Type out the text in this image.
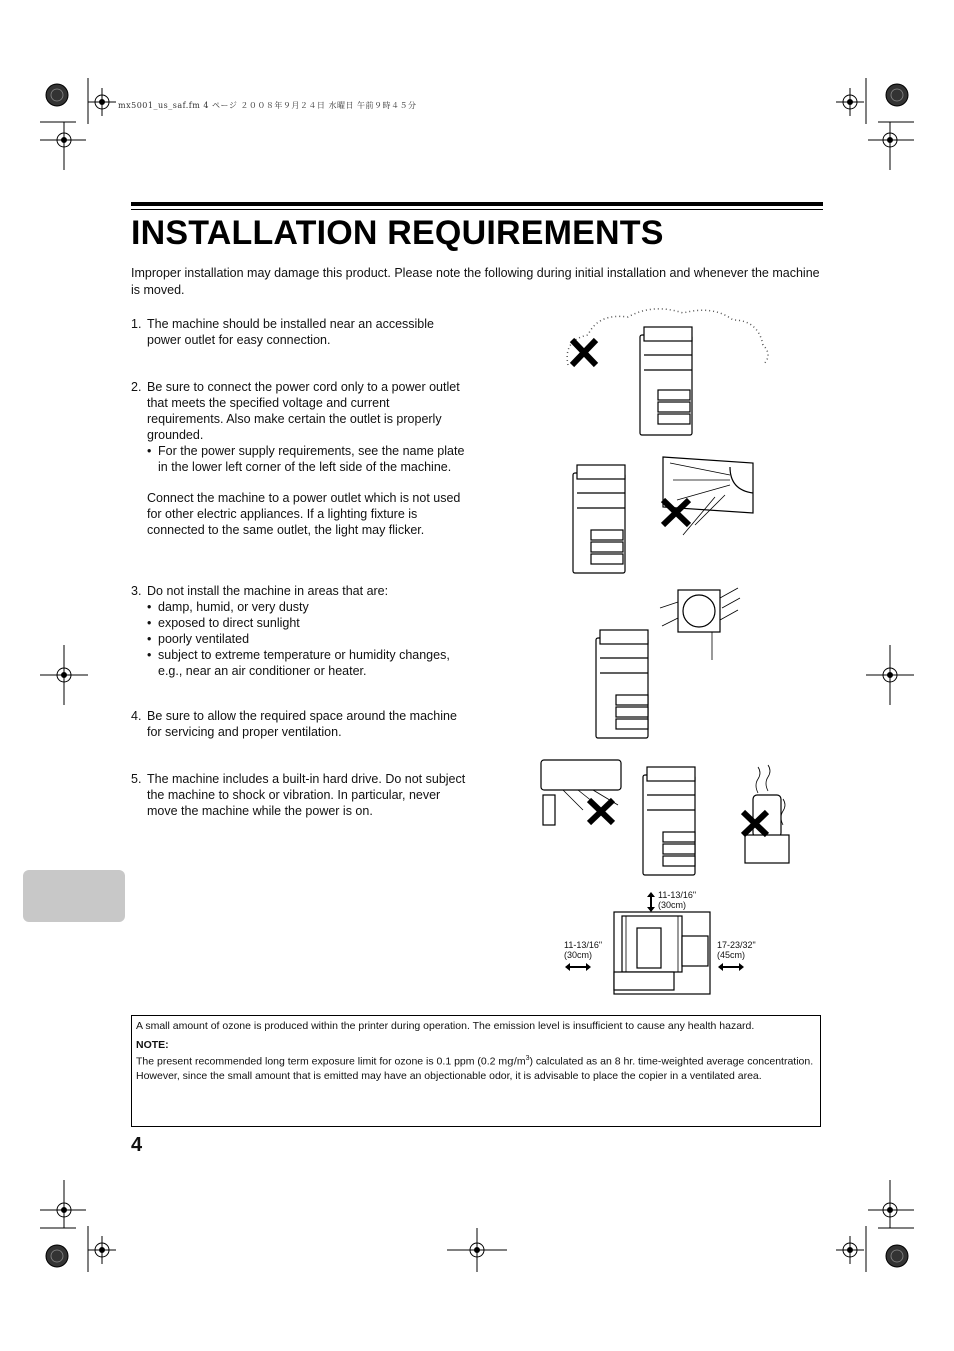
mx5001_us_saf.fm 4 ページ ２００８年９月２４日 水曜日 午前９時４５分
INSTALLATION REQUIREMENTS

Improper installation may damage this product. Please note the following during initial installation and whenever the machine is moved.

1. The machine should be installed near an accessible power outlet for easy connection.
2. Be sure to connect the power cord only to a power outlet that meets the specified voltage and current requirements. Also make certain the outlet is properly grounded.
• For the power supply requirements, see the name plate in the lower left corner of the left side of the machine.
Connect the machine to a power outlet which is not used for other electric appliances. If a lighting fixture is connected to the same outlet, the light may flicker.
3. Do not install the machine in areas that are:
• damp, humid, or very dusty
• exposed to direct sunlight
• poorly ventilated
• subject to extreme temperature or humidity changes, e.g., near an air conditioner or heater.
4. Be sure to allow the required space around the machine for servicing and proper ventilation.
5. The machine includes a built-in hard drive. Do not subject the machine to shock or vibration. In particular, never move the machine while the power is on.
11-13/16"
(30cm)
11-13/16"
(30cm)
17-23/32"
(45cm)

A small amount of ozone is produced within the printer during operation. The emission level is insufficient to cause any health hazard.

NOTE:

The present recommended long term exposure limit for ozone is 0.1 ppm (0.2 $mg/m^3$) calculated as an 8 hr. time-weighted average concentration.

However, since the small amount that is emitted may have an objectionable odor, it is advisable to place the copier in a ventilated area.

4
